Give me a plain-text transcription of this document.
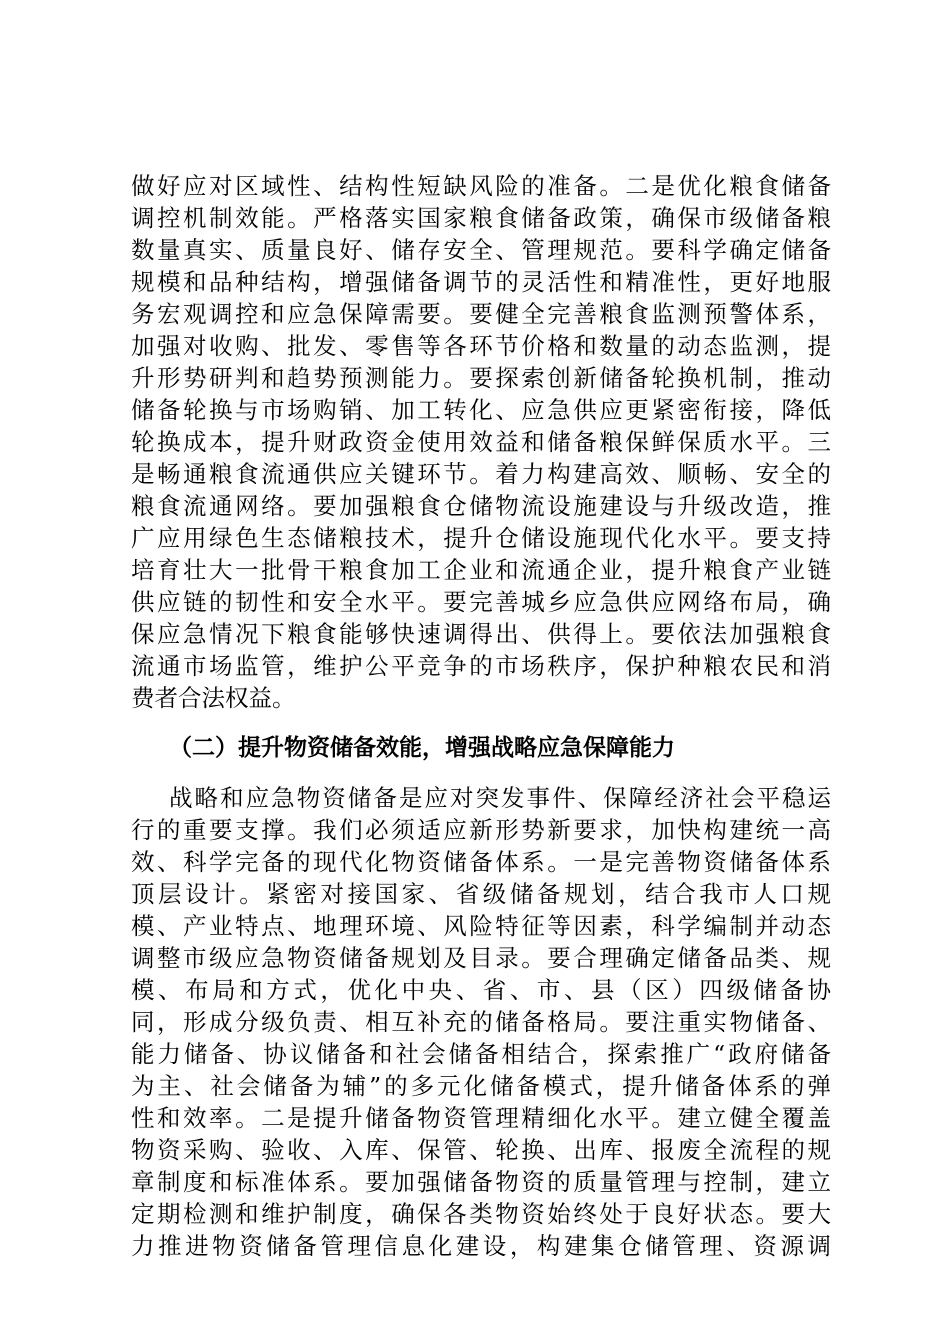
做好应对区域性、结构性短缺风险的准备。二是优化粮食储备
调控机制效能。严格落实国家粮食储备政策，确保市级储备粮
数量真实、质量良好、储存安全、管理规范。要科学确定储备
规模和品种结构，增强储备调节的灵活性和精准性，更好地服
务宏观调控和应急保障需要。要健全完善粮食监测预警体系，
加强对收购、批发、零售等各环节价格和数量的动态监测，提
升形势研判和趋势预测能力。要探索创新储备轮换机制，推动
储备轮换与市场购销、加工转化、应急供应更紧密衔接，降低
轮换成本，提升财政资金使用效益和储备粮保鲜保质水平。三
是畅通粮食流通供应关键环节。着力构建高效、顺畅、安全的
粮食流通网络。要加强粮食仓储物流设施建设与升级改造，推
广应用绿色生态储粮技术，提升仓储设施现代化水平。要支持
培育壮大一批骨干粮食加工企业和流通企业，提升粮食产业链
供应链的韧性和安全水平。要完善城乡应急供应网络布局，确
保应急情况下粮食能够快速调得出、供得上。要依法加强粮食
流通市场监管，维护公平竞争的市场秩序，保护种粮农民和消
费者合法权益。
（二）提升物资储备效能，增强战略应急保障能力
战略和应急物资储备是应对突发事件、保障经济社会平稳运
行的重要支撑。我们必须适应新形势新要求，加快构建统一高
效、科学完备的现代化物资储备体系。一是完善物资储备体系
顶层设计。紧密对接国家、省级储备规划，结合我市人口规
模、产业特点、地理环境、风险特征等因素，科学编制并动态
调整市级应急物资储备规划及目录。要合理确定储备品类、规
模、布局和方式，优化中央、省、市、县（区）四级储备协
同，形成分级负责、相互补充的储备格局。要注重实物储备、
能力储备、协议储备和社会储备相结合，探索推广“政府储备
为主、社会储备为辅”的多元化储备模式，提升储备体系的弹
性和效率。二是提升储备物资管理精细化水平。建立健全覆盖
物资采购、验收、入库、保管、轮换、出库、报废全流程的规
章制度和标准体系。要加强储备物资的质量管理与控制，建立
定期检测和维护制度，确保各类物资始终处于良好状态。要大
力推进物资储备管理信息化建设，构建集仓储管理、资源调
